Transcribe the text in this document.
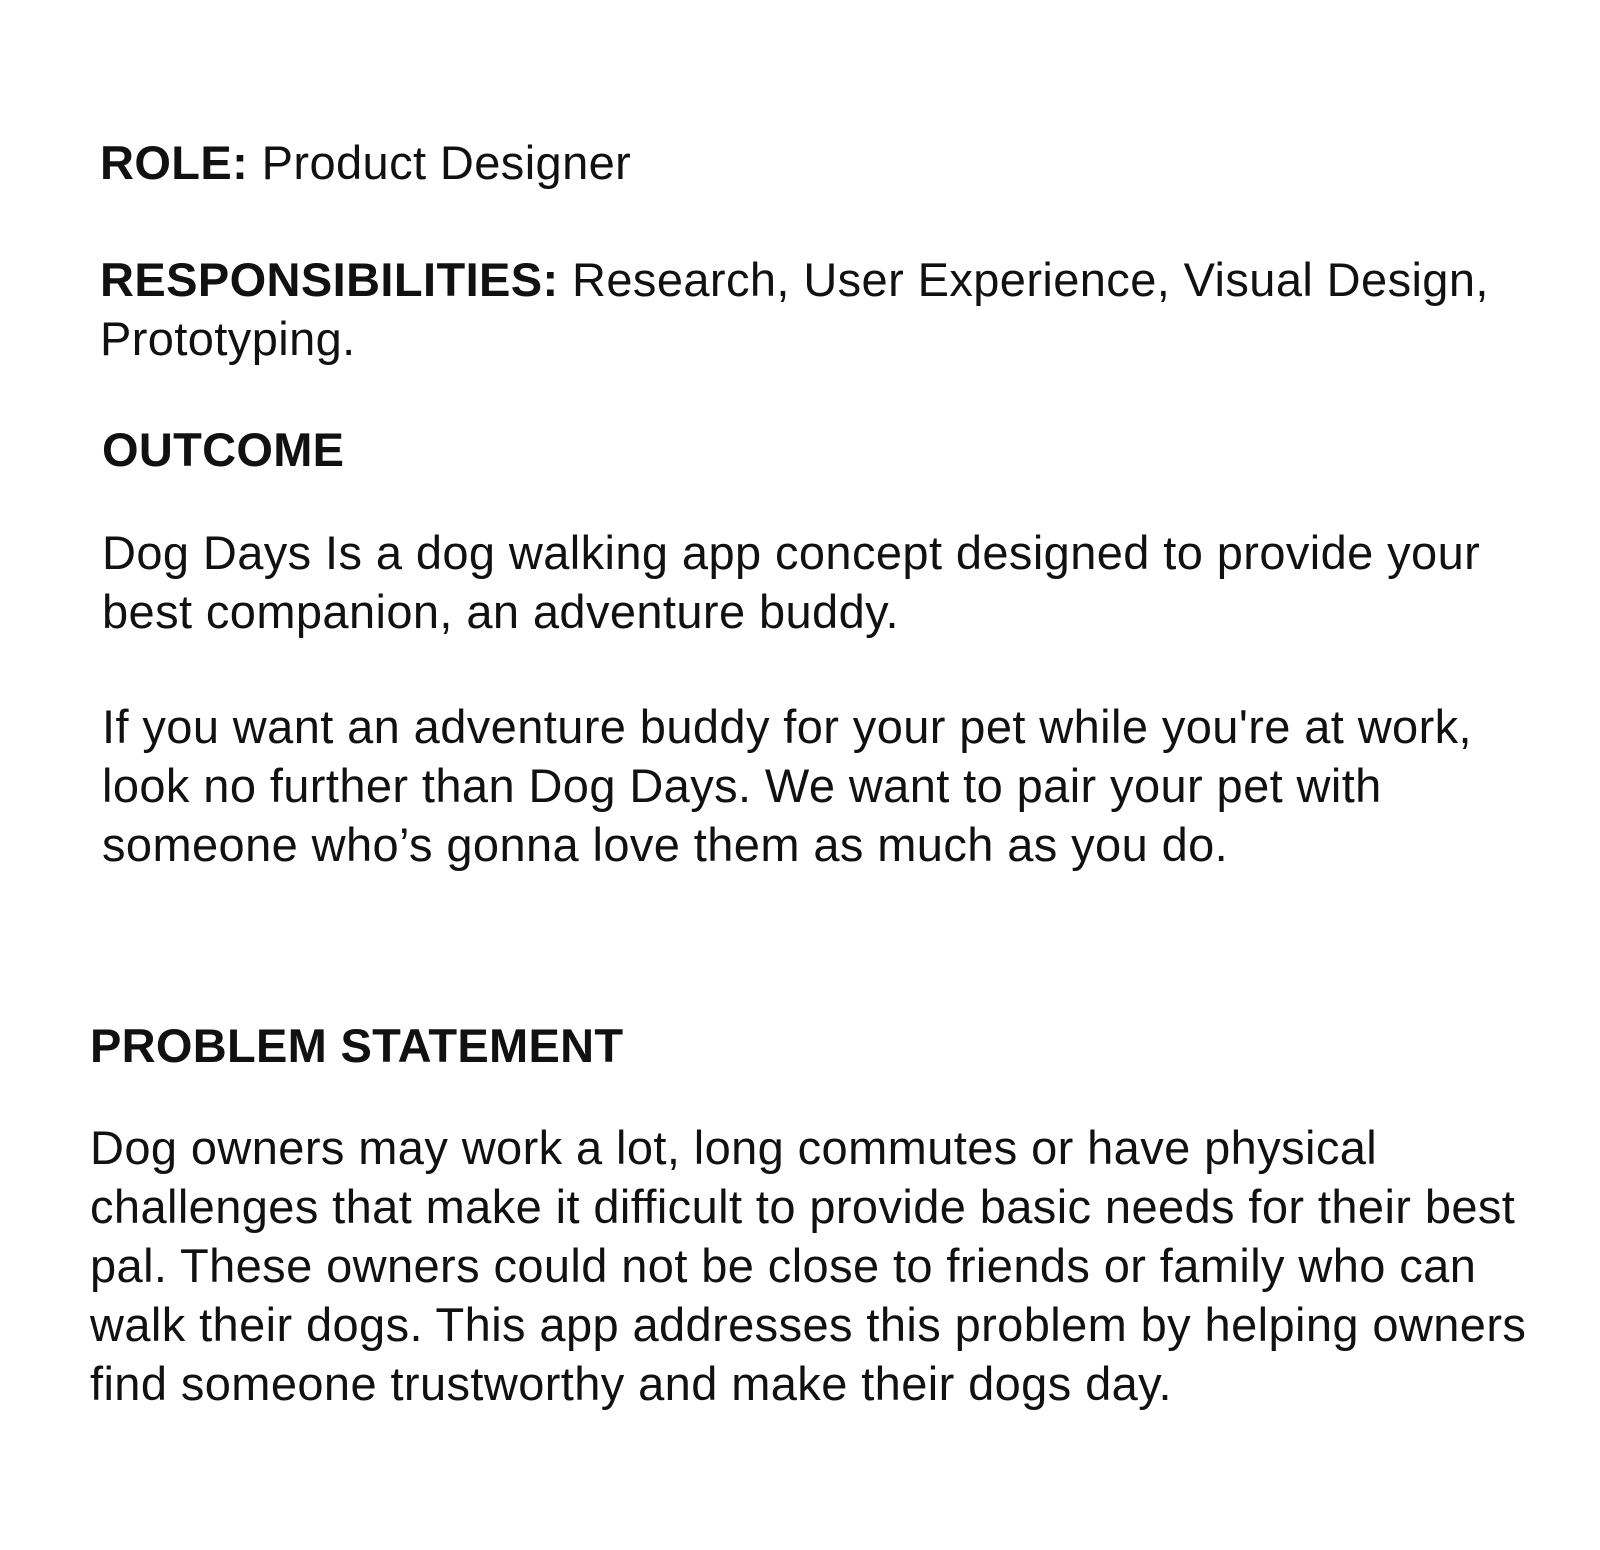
ROLE: Product Designer

RESPONSIBILITIES: Research, User Experience, Visual Design, Prototyping.

OUTCOME

Dog Days Is a dog walking app concept designed to provide your best companion, an adventure buddy.

If you want an adventure buddy for your pet while you're at work, look no further than Dog Days. We want to pair your pet with someone who’s gonna love them as much as you do.

PROBLEM STATEMENT

Dog owners may work a lot, long commutes or have physical challenges that make it difficult to provide basic needs for their best pal. These owners could not be close to friends or family who can walk their dogs. This app addresses this problem by helping owners find someone trustworthy and make their dogs day.
